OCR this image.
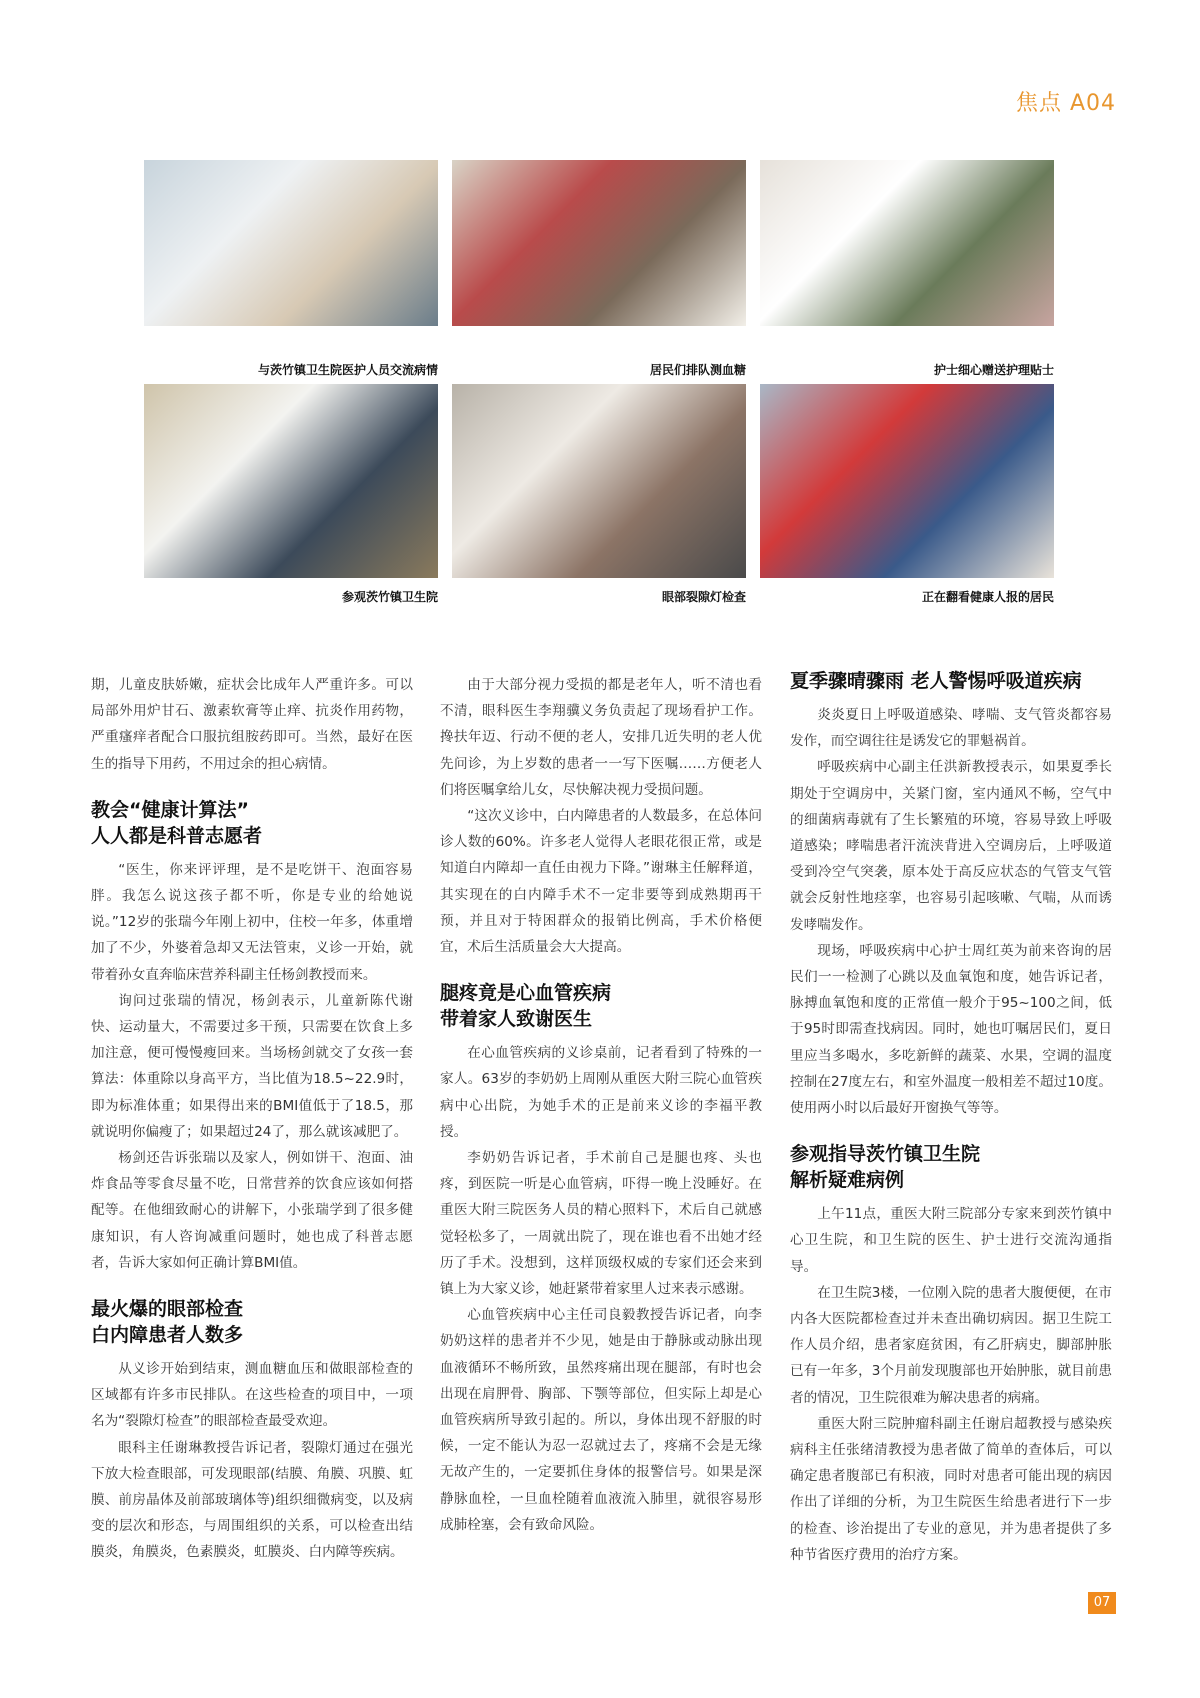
焦点 A04
与茨竹镇卫生院医护人员交流病情	居民们排队测血糖	护士细心赠送护理贴士
参观茨竹镇卫生院	眼部裂隙灯检查	正在翻看健康人报的居民

期，儿童皮肤娇嫩，症状会比成年人严重许多。可以局部外用炉甘石、激素软膏等止痒、抗炎作用药物，严重瘙痒者配合口服抗组胺药即可。当然，最好在医生的指导下用药，不用过余的担心病情。

教会“健康计算法”
人人都是科普志愿者

“医生，你来评评理，是不是吃饼干、泡面容易胖。我怎么说这孩子都不听，你是专业的给她说说。”12岁的张瑞今年刚上初中，住校一年多，体重增加了不少，外婆着急却又无法管束，义诊一开始，就带着孙女直奔临床营养科副主任杨剑教授而来。

询问过张瑞的情况，杨剑表示，儿童新陈代谢快、运动量大，不需要过多干预，只需要在饮食上多加注意，便可慢慢瘦回来。当场杨剑就交了女孩一套算法：体重除以身高平方，当比值为18.5~22.9时，即为标准体重；如果得出来的BMI值低于了18.5，那就说明你偏瘦了；如果超过24了，那么就该减肥了。

杨剑还告诉张瑞以及家人，例如饼干、泡面、油炸食品等零食尽量不吃，日常营养的饮食应该如何搭配等。在他细致耐心的讲解下，小张瑞学到了很多健康知识，有人咨询减重问题时，她也成了科普志愿者，告诉大家如何正确计算BMI值。

最火爆的眼部检查
白内障患者人数多

从义诊开始到结束，测血糖血压和做眼部检查的区域都有许多市民排队。在这些检查的项目中，一项名为“裂隙灯检查”的眼部检查最受欢迎。

眼科主任谢琳教授告诉记者，裂隙灯通过在强光下放大检查眼部，可发现眼部(结膜、角膜、巩膜、虹膜、前房晶体及前部玻璃体等)组织细微病变，以及病变的层次和形态，与周围组织的关系，可以检查出结膜炎，角膜炎，色素膜炎，虹膜炎、白内障等疾病。

由于大部分视力受损的都是老年人，听不清也看不清，眼科医生李翔骥义务负责起了现场看护工作。搀扶年迈、行动不便的老人，安排几近失明的老人优先问诊，为上岁数的患者一一写下医嘱……方便老人们将医嘱拿给儿女，尽快解决视力受损问题。

“这次义诊中，白内障患者的人数最多，在总体问诊人数的60%。许多老人觉得人老眼花很正常，或是知道白内障却一直任由视力下降。”谢琳主任解释道，其实现在的白内障手术不一定非要等到成熟期再干预，并且对于特困群众的报销比例高，手术价格便宜，术后生活质量会大大提高。

腿疼竟是心血管疾病
带着家人致谢医生

在心血管疾病的义诊桌前，记者看到了特殊的一家人。63岁的李奶奶上周刚从重医大附三院心血管疾病中心出院，为她手术的正是前来义诊的李福平教授。

李奶奶告诉记者，手术前自己是腿也疼、头也疼，到医院一听是心血管病，吓得一晚上没睡好。在重医大附三院医务人员的精心照料下，术后自己就感觉轻松多了，一周就出院了，现在谁也看不出她才经历了手术。没想到，这样顶级权威的专家们还会来到镇上为大家义诊，她赶紧带着家里人过来表示感谢。

心血管疾病中心主任司良毅教授告诉记者，向李奶奶这样的患者并不少见，她是由于静脉或动脉出现血液循环不畅所致，虽然疼痛出现在腿部，有时也会出现在肩胛骨、胸部、下颚等部位，但实际上却是心血管疾病所导致引起的。所以，身体出现不舒服的时候，一定不能认为忍一忍就过去了，疼痛不会是无缘无故产生的，一定要抓住身体的报警信号。如果是深静脉血栓，一旦血栓随着血液流入肺里，就很容易形成肺栓塞，会有致命风险。

夏季骤晴骤雨 老人警惕呼吸道疾病

炎炎夏日上呼吸道感染、哮喘、支气管炎都容易发作，而空调往往是诱发它的罪魁祸首。

呼吸疾病中心副主任洪新教授表示，如果夏季长期处于空调房中，关紧门窗，室内通风不畅，空气中的细菌病毒就有了生长繁殖的环境，容易导致上呼吸道感染；哮喘患者汗流浃背进入空调房后，上呼吸道受到冷空气突袭，原本处于高反应状态的气管支气管就会反射性地痉挛，也容易引起咳嗽、气喘，从而诱发哮喘发作。

现场，呼吸疾病中心护士周红英为前来咨询的居民们一一检测了心跳以及血氧饱和度，她告诉记者，脉搏血氧饱和度的正常值一般介于95~100之间，低于95时即需查找病因。同时，她也叮嘱居民们，夏日里应当多喝水，多吃新鲜的蔬菜、水果，空调的温度控制在27度左右，和室外温度一般相差不超过10度。使用两小时以后最好开窗换气等等。

参观指导茨竹镇卫生院
解析疑难病例

上午11点，重医大附三院部分专家来到茨竹镇中心卫生院，和卫生院的医生、护士进行交流沟通指导。

在卫生院3楼，一位刚入院的患者大腹便便，在市内各大医院都检查过并未查出确切病因。据卫生院工作人员介绍，患者家庭贫困，有乙肝病史，脚部肿胀已有一年多，3个月前发现腹部也开始肿胀，就目前患者的情况，卫生院很难为解决患者的病痛。

重医大附三院肿瘤科副主任谢启超教授与感染疾病科主任张绪清教授为患者做了简单的查体后，可以确定患者腹部已有积液，同时对患者可能出现的病因作出了详细的分析，为卫生院医生给患者进行下一步的检查、诊治提出了专业的意见，并为患者提供了多种节省医疗费用的治疗方案。

07
